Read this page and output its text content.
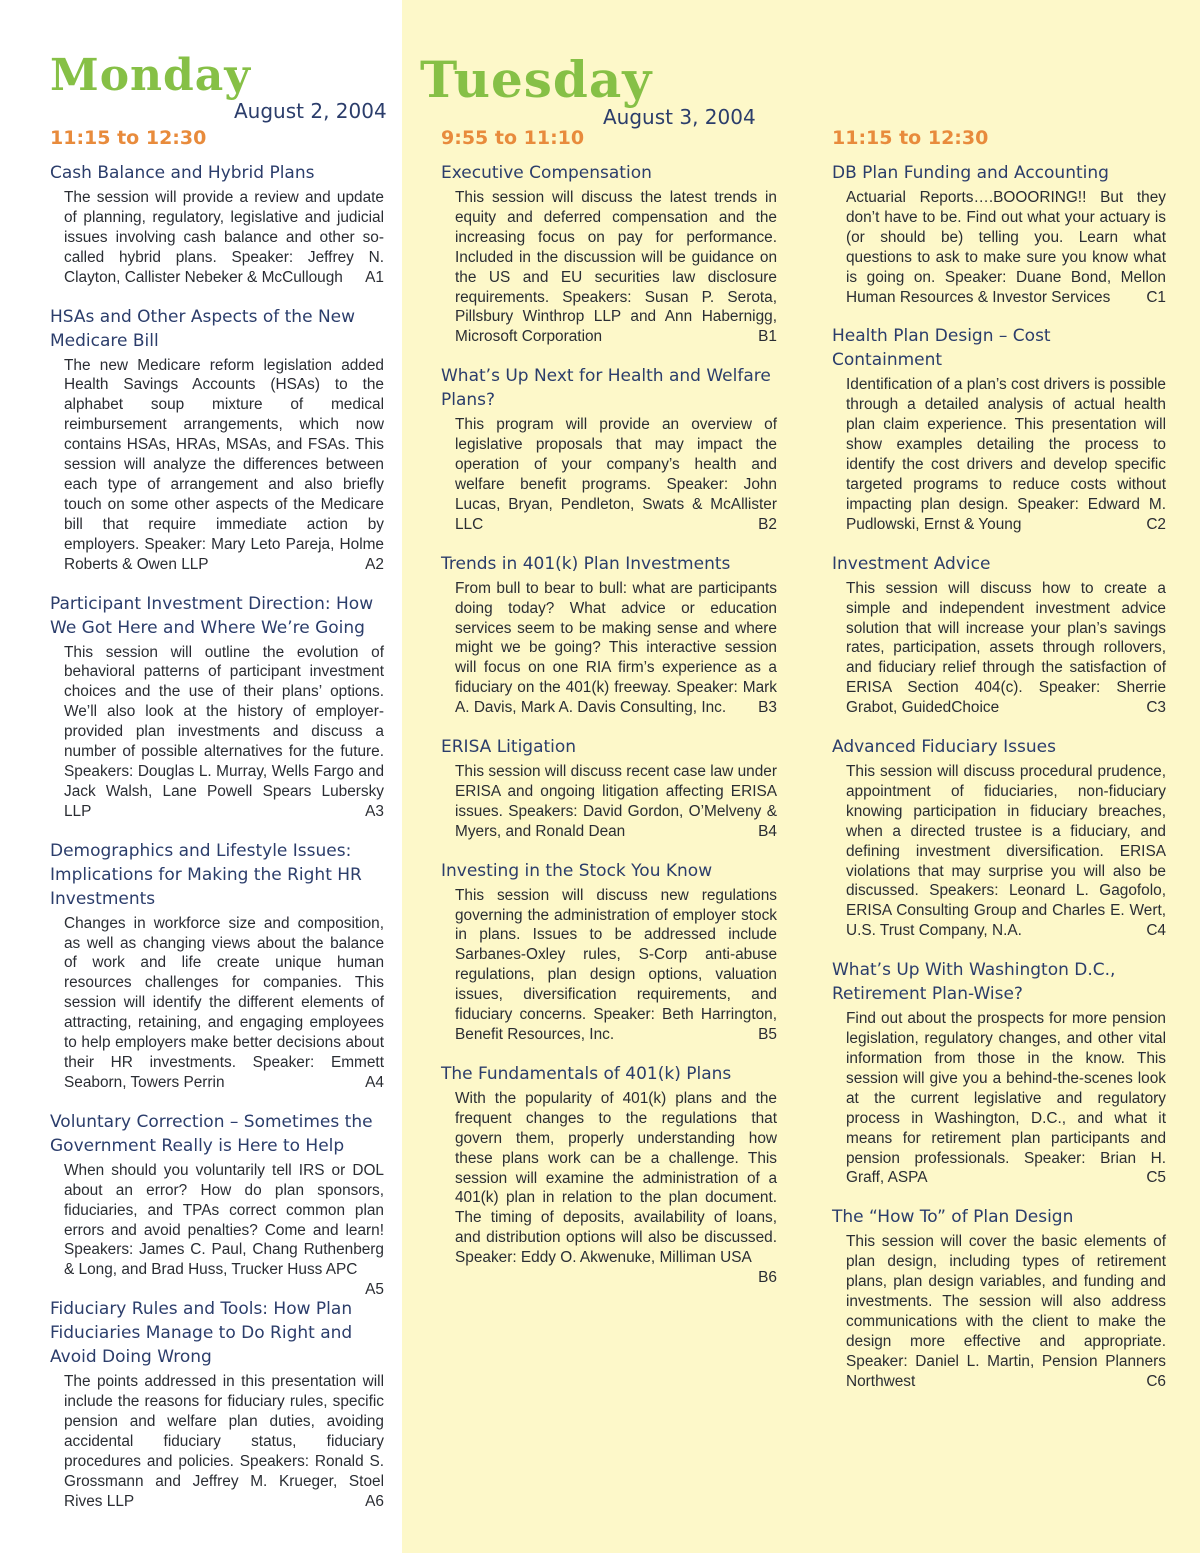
Monday
August 2, 2004
Tuesday
August 3, 2004
11:15 to 12:30
Cash Balance and Hybrid Plans

The session will provide a review and update of planning, regulatory, legislative and judicial issues involving cash balance and other so-called hybrid plans. Speaker: Jeffrey N. Clayton, Callister Nebeker & McCullough A1

HSAs and Other Aspects of the New Medicare Bill

The new Medicare reform legislation added Health Savings Accounts (HSAs) to the alphabet soup mixture of medical reimbursement arrangements, which now contains HSAs, HRAs, MSAs, and FSAs. This session will analyze the differences between each type of arrangement and also briefly touch on some other aspects of the Medicare bill that require immediate action by employers. Speaker: Mary Leto Pareja, Holme Roberts & Owen LLP	A2

Participant Investment Direction: How We Got Here and Where We’re Going

This session will outline the evolution of behavioral patterns of participant investment choices and the use of their plans’ options. We’ll also look at the history of employer-provided plan investments and discuss a number of possible alternatives for the future. Speakers: Douglas L. Murray, Wells Fargo and Jack Walsh, Lane Powell Spears Lubersky LLP	A3

Demographics and Lifestyle Issues: Implications for Making the Right HR Investments

Changes in workforce size and composition, as well as changing views about the balance of work and life create unique human resources challenges for companies. This session will identify the different elements of attracting, retaining, and engaging employees to help employers make better decisions about their HR investments. Speaker: Emmett Seaborn, Towers Perrin	A4

Voluntary Correction – Sometimes the Government Really is Here to Help

When should you voluntarily tell IRS or DOL about an error? How do plan sponsors, fiduciaries, and TPAs correct common plan errors and avoid penalties? Come and learn! Speakers: James C. Paul, Chang Ruthenberg & Long, and Brad Huss, Trucker Huss APC
A5

Fiduciary Rules and Tools: How Plan Fiduciaries Manage to Do Right and Avoid Doing Wrong

The points addressed in this presentation will include the reasons for fiduciary rules, specific pension and welfare plan duties, avoiding accidental fiduciary status, fiduciary procedures and policies. Speakers: Ronald S. Grossmann and Jeffrey M. Krueger, Stoel Rives LLP	A6

9:55 to 11:10
Executive Compensation

This session will discuss the latest trends in equity and deferred compensation and the increasing focus on pay for performance. Included in the discussion will be guidance on the US and EU securities law disclosure requirements. Speakers: Susan P. Serota, Pillsbury Winthrop LLP and Ann Habernigg, Microsoft Corporation	B1

What’s Up Next for Health and Welfare Plans?

This program will provide an overview of legislative proposals that may impact the operation of your company’s health and welfare benefit programs. Speaker: John Lucas, Bryan, Pendleton, Swats & McAllister LLC	B2

Trends in 401(k) Plan Investments

From bull to bear to bull: what are participants doing today? What advice or education services seem to be making sense and where might we be going? This interactive session will focus on one RIA firm’s experience as a fiduciary on the 401(k) freeway. Speaker: Mark A. Davis, Mark A. Davis Consulting, Inc. B3

ERISA Litigation

This session will discuss recent case law under ERISA and ongoing litigation affecting ERISA issues. Speakers: David Gordon, O’Melveny & Myers, and Ronald Dean	B4

Investing in the Stock You Know

This session will discuss new regulations governing the administration of employer stock in plans. Issues to be addressed include Sarbanes-Oxley rules, S-Corp anti-abuse regulations, plan design options, valuation issues, diversification requirements, and fiduciary concerns. Speaker: Beth Harrington, Benefit Resources, Inc.	B5

The Fundamentals of 401(k) Plans

With the popularity of 401(k) plans and the frequent changes to the regulations that govern them, properly understanding how these plans work can be a challenge. This session will examine the administration of a 401(k) plan in relation to the plan document. The timing of deposits, availability of loans, and distribution options will also be discussed. Speaker: Eddy O. Akwenuke, Milliman USA
B6

11:15 to 12:30
DB Plan Funding and Accounting

Actuarial Reports….BOOORING!! But they don’t have to be. Find out what your actuary is (or should be) telling you. Learn what questions to ask to make sure you know what is going on. Speaker: Duane Bond, Mellon Human Resources & Investor Services C1

Health Plan Design – Cost Containment

Identification of a plan’s cost drivers is possible through a detailed analysis of actual health plan claim experience. This presentation will show examples detailing the process to identify the cost drivers and develop specific targeted programs to reduce costs without impacting plan design. Speaker: Edward M. Pudlowski, Ernst & Young	C2

Investment Advice

This session will discuss how to create a simple and independent investment advice solution that will increase your plan’s savings rates, participation, assets through rollovers, and fiduciary relief through the satisfaction of ERISA Section 404(c). Speaker: Sherrie Grabot, GuidedChoice	C3

Advanced Fiduciary Issues

This session will discuss procedural prudence, appointment of fiduciaries, non-fiduciary knowing participation in fiduciary breaches, when a directed trustee is a fiduciary, and defining investment diversification. ERISA violations that may surprise you will also be discussed. Speakers: Leonard L. Gagofolo, ERISA Consulting Group and Charles E. Wert, U.S. Trust Company, N.A.	C4

What’s Up With Washington D.C., Retirement Plan-Wise?

Find out about the prospects for more pension legislation, regulatory changes, and other vital information from those in the know. This session will give you a behind-the-scenes look at the current legislative and regulatory process in Washington, D.C., and what it means for retirement plan participants and pension professionals. Speaker: Brian H. Graff, ASPA	C5

The “How To” of Plan Design

This session will cover the basic elements of plan design, including types of retirement plans, plan design variables, and funding and investments. The session will also address communications with the client to make the design more effective and appropriate. Speaker: Daniel L. Martin, Pension Planners Northwest	C6
